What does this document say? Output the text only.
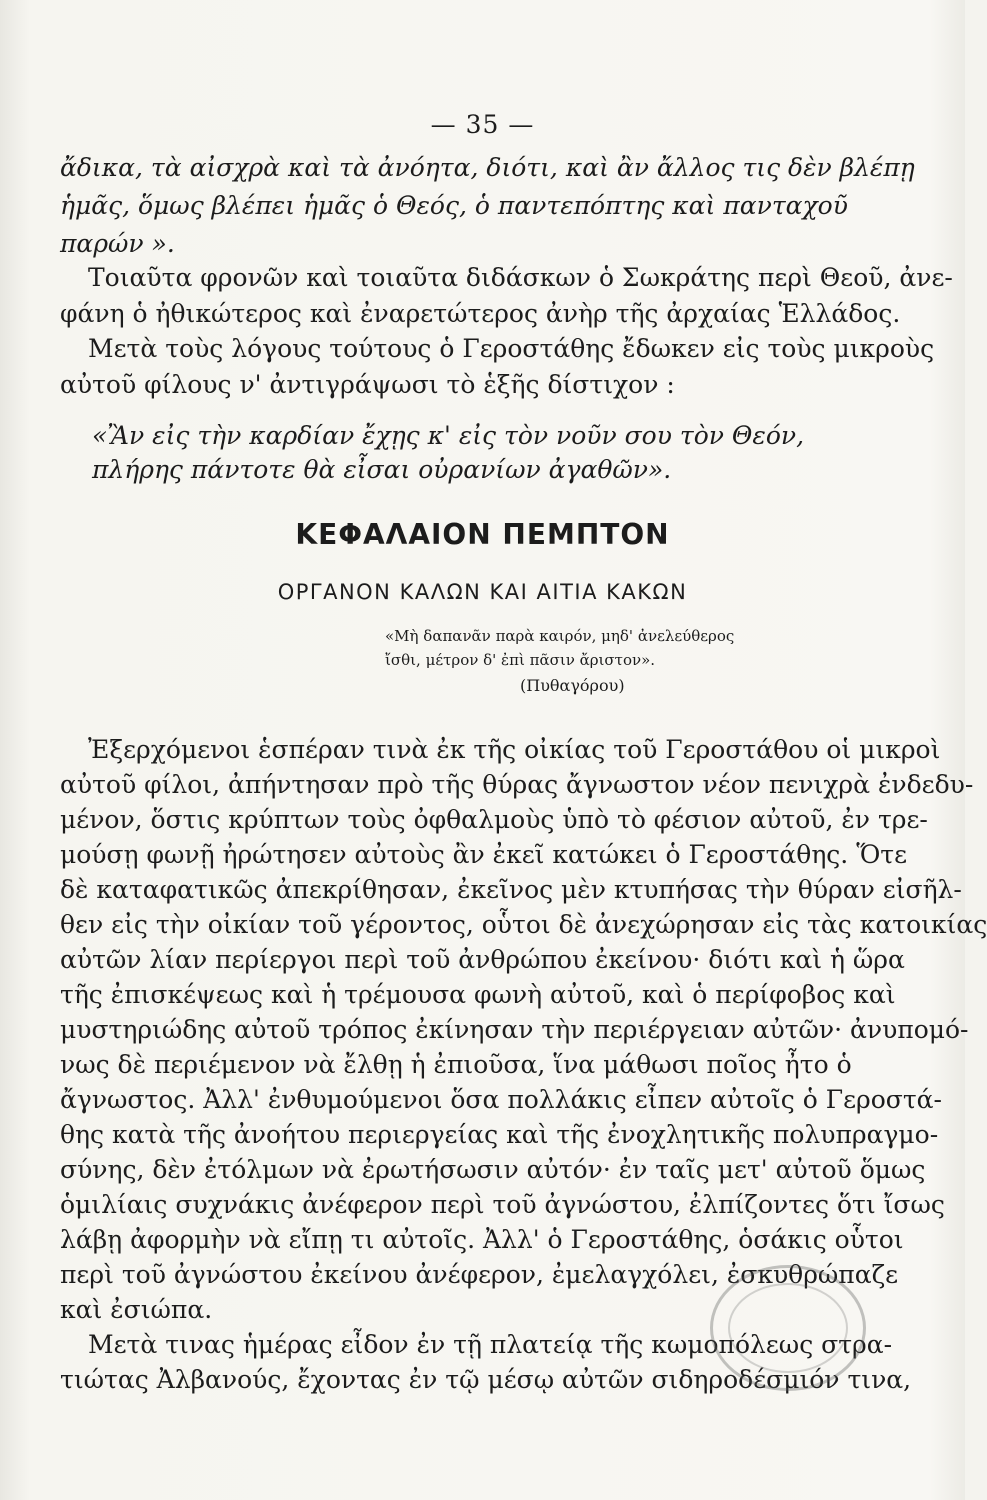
— 35 —
ἄδικα, τὰ αἰσχρὰ καὶ τὰ ἀνόητα, διότι, καὶ ἂν ἄλλος τις δὲν βλέπῃ
ἡμᾶς, ὅμως βλέπει ἡμᾶς ὁ Θεός, ὁ παντεπόπτης καὶ πανταχοῦ
παρών ».
Τοιαῦτα φρονῶν καὶ τοιαῦτα διδάσκων ὁ Σωκράτης περὶ Θεοῦ, ἀνε-
φάνη ὁ ἠθικώτερος καὶ ἐναρετώτερος ἀνὴρ τῆς ἀρχαίας Ἑλλάδος.
Μετὰ τοὺς λόγους τούτους ὁ Γεροστάθης ἔδωκεν εἰς τοὺς μικροὺς
αὐτοῦ φίλους ν' ἀντιγράψωσι τὸ ἑξῆς δίστιχον :
«Ἂν εἰς τὴν καρδίαν ἔχῃς κ' εἰς τὸν νοῦν σου τὸν Θεόν,
πλήρης πάντοτε θὰ εἶσαι οὐρανίων ἀγαθῶν».
ΚΕΦΑΛΑΙΟΝ ΠΕΜΠΤΟΝ
ΟΡΓΑΝΟΝ ΚΑΛΩΝ ΚΑΙ ΑΙΤΙΑ ΚΑΚΩΝ
«Μὴ δαπανᾶν παρὰ καιρόν, μηδ' ἀνελεύθερος
ἴσθι, μέτρον δ' ἐπὶ πᾶσιν ἄριστον».
(Πυθαγόρου)
Ἐξερχόμενοι ἑσπέραν τινὰ ἐκ τῆς οἰκίας τοῦ Γεροστάθου οἱ μικροὶ
αὐτοῦ φίλοι, ἀπήντησαν πρὸ τῆς θύρας ἄγνωστον νέον πενιχρὰ ἐνδεδυ-
μένον, ὅστις κρύπτων τοὺς ὀφθαλμοὺς ὑπὸ τὸ φέσιον αὐτοῦ, ἐν τρε-
μούσῃ φωνῇ ἠρώτησεν αὐτοὺς ἂν ἐκεῖ κατώκει ὁ Γεροστάθης. Ὅτε
δὲ καταφατικῶς ἀπεκρίθησαν, ἐκεῖνος μὲν κτυπήσας τὴν θύραν εἰσῆλ-
θεν εἰς τὴν οἰκίαν τοῦ γέροντος, οὗτοι δὲ ἀνεχώρησαν εἰς τὰς κατοικίας
αὐτῶν λίαν περίεργοι περὶ τοῦ ἀνθρώπου ἐκείνου· διότι καὶ ἡ ὥρα
τῆς ἐπισκέψεως καὶ ἡ τρέμουσα φωνὴ αὐτοῦ, καὶ ὁ περίφοβος καὶ
μυστηριώδης αὐτοῦ τρόπος ἐκίνησαν τὴν περιέργειαν αὐτῶν· ἀνυπομό-
νως δὲ περιέμενον νὰ ἔλθῃ ἡ ἐπιοῦσα, ἵνα μάθωσι ποῖος ἦτο ὁ
ἄγνωστος. Ἀλλ' ἐνθυμούμενοι ὅσα πολλάκις εἶπεν αὐτοῖς ὁ Γεροστά-
θης κατὰ τῆς ἀνοήτου περιεργείας καὶ τῆς ἐνοχλητικῆς πολυπραγμο-
σύνης, δὲν ἐτόλμων νὰ ἐρωτήσωσιν αὐτόν· ἐν ταῖς μετ' αὐτοῦ ὅμως
ὁμιλίαις συχνάκις ἀνέφερον περὶ τοῦ ἀγνώστου, ἐλπίζοντες ὅτι ἴσως
λάβῃ ἀφορμὴν νὰ εἴπῃ τι αὐτοῖς. Ἀλλ' ὁ Γεροστάθης, ὁσάκις οὗτοι
περὶ τοῦ ἀγνώστου ἐκείνου ἀνέφερον, ἐμελαγχόλει, ἐσκυθρώπαζε
καὶ ἐσιώπα.
Μετὰ τινας ἡμέρας εἶδον ἐν τῇ πλατείᾳ τῆς κωμοπόλεως στρα-
τιώτας Ἀλβανούς, ἔχοντας ἐν τῷ μέσῳ αὐτῶν σιδηροδέσμιόν τινα,
